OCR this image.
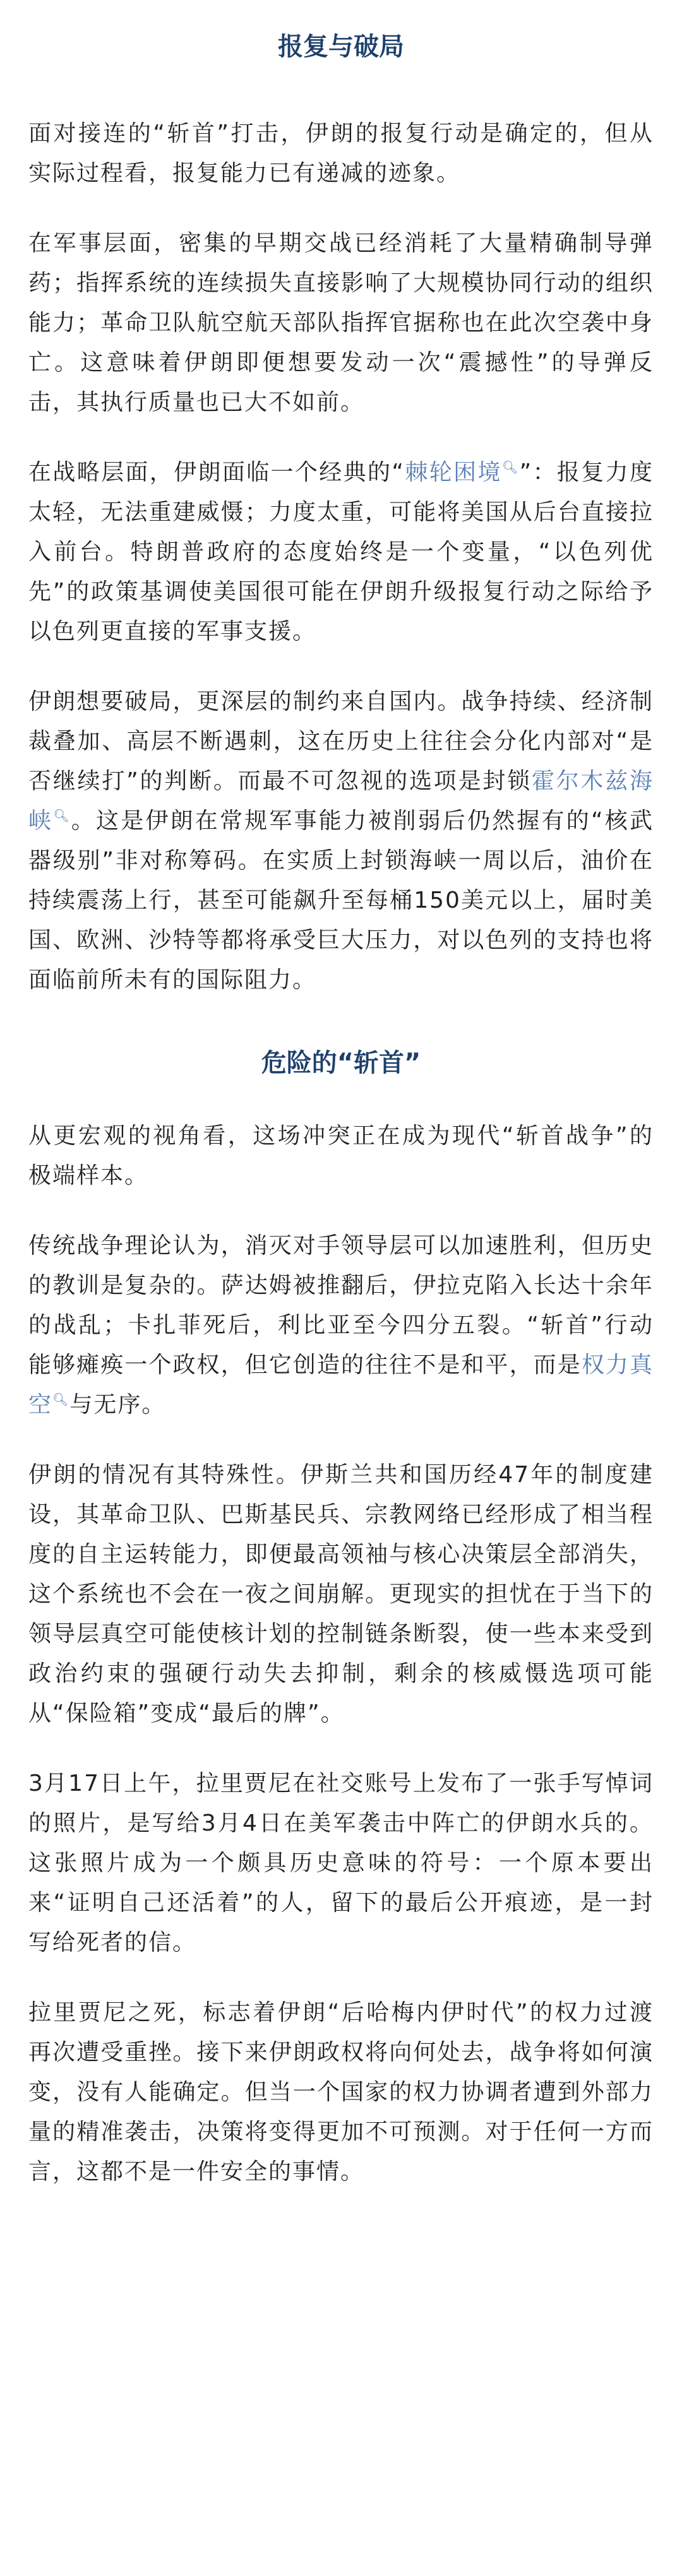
报复与破局

面对接连的“斩首”打击，伊朗的报复行动是确定的，但从实际过程看，报复能力已有递减的迹象。

在军事层面，密集的早期交战已经消耗了大量精确制导弹药；指挥系统的连续损失直接影响了大规模协同行动的组织能力；革命卫队航空航天部队指挥官据称也在此次空袭中身亡。这意味着伊朗即便想要发动一次“震撼性”的导弹反击，其执行质量也已大不如前。

在战略层面，伊朗面临一个经典的“棘轮困境🔍︎”：报复力度太轻，无法重建威慑；力度太重，可能将美国从后台直接拉入前台。特朗普政府的态度始终是一个变量，“以色列优先”的政策基调使美国很可能在伊朗升级报复行动之际给予以色列更直接的军事支援。

伊朗想要破局，更深层的制约来自国内。战争持续、经济制裁叠加、高层不断遇刺，这在历史上往往会分化内部对“是否继续打”的判断。而最不可忽视的选项是封锁霍尔木兹海峡🔍︎。这是伊朗在常规军事能力被削弱后仍然握有的“核武器级别”非对称筹码。在实质上封锁海峡一周以后，油价在持续震荡上行，甚至可能飙升至每桶150美元以上，届时美国、欧洲、沙特等都将承受巨大压力，对以色列的支持也将面临前所未有的国际阻力。

危险的“斩首”

从更宏观的视角看，这场冲突正在成为现代“斩首战争”的极端样本。

传统战争理论认为，消灭对手领导层可以加速胜利，但历史的教训是复杂的。萨达姆被推翻后，伊拉克陷入长达十余年的战乱；卡扎菲死后，利比亚至今四分五裂。“斩首”行动能够瘫痪一个政权，但它创造的往往不是和平，而是权力真空🔍︎与无序。

伊朗的情况有其特殊性。伊斯兰共和国历经47年的制度建设，其革命卫队、巴斯基民兵、宗教网络已经形成了相当程度的自主运转能力，即便最高领袖与核心决策层全部消失，这个系统也不会在一夜之间崩解。更现实的担忧在于当下的领导层真空可能使核计划的控制链条断裂，使一些本来受到政治约束的强硬行动失去抑制，剩余的核威慑选项可能从“保险箱”变成“最后的牌”。

3月17日上午，拉里贾尼在社交账号上发布了一张手写悼词的照片，是写给3月4日在美军袭击中阵亡的伊朗水兵的。这张照片成为一个颇具历史意味的符号：一个原本要出来“证明自己还活着”的人，留下的最后公开痕迹，是一封写给死者的信。

拉里贾尼之死，标志着伊朗“后哈梅内伊时代”的权力过渡再次遭受重挫。接下来伊朗政权将向何处去，战争将如何演变，没有人能确定。但当一个国家的权力协调者遭到外部力量的精准袭击，决策将变得更加不可预测。对于任何一方而言，这都不是一件安全的事情。
